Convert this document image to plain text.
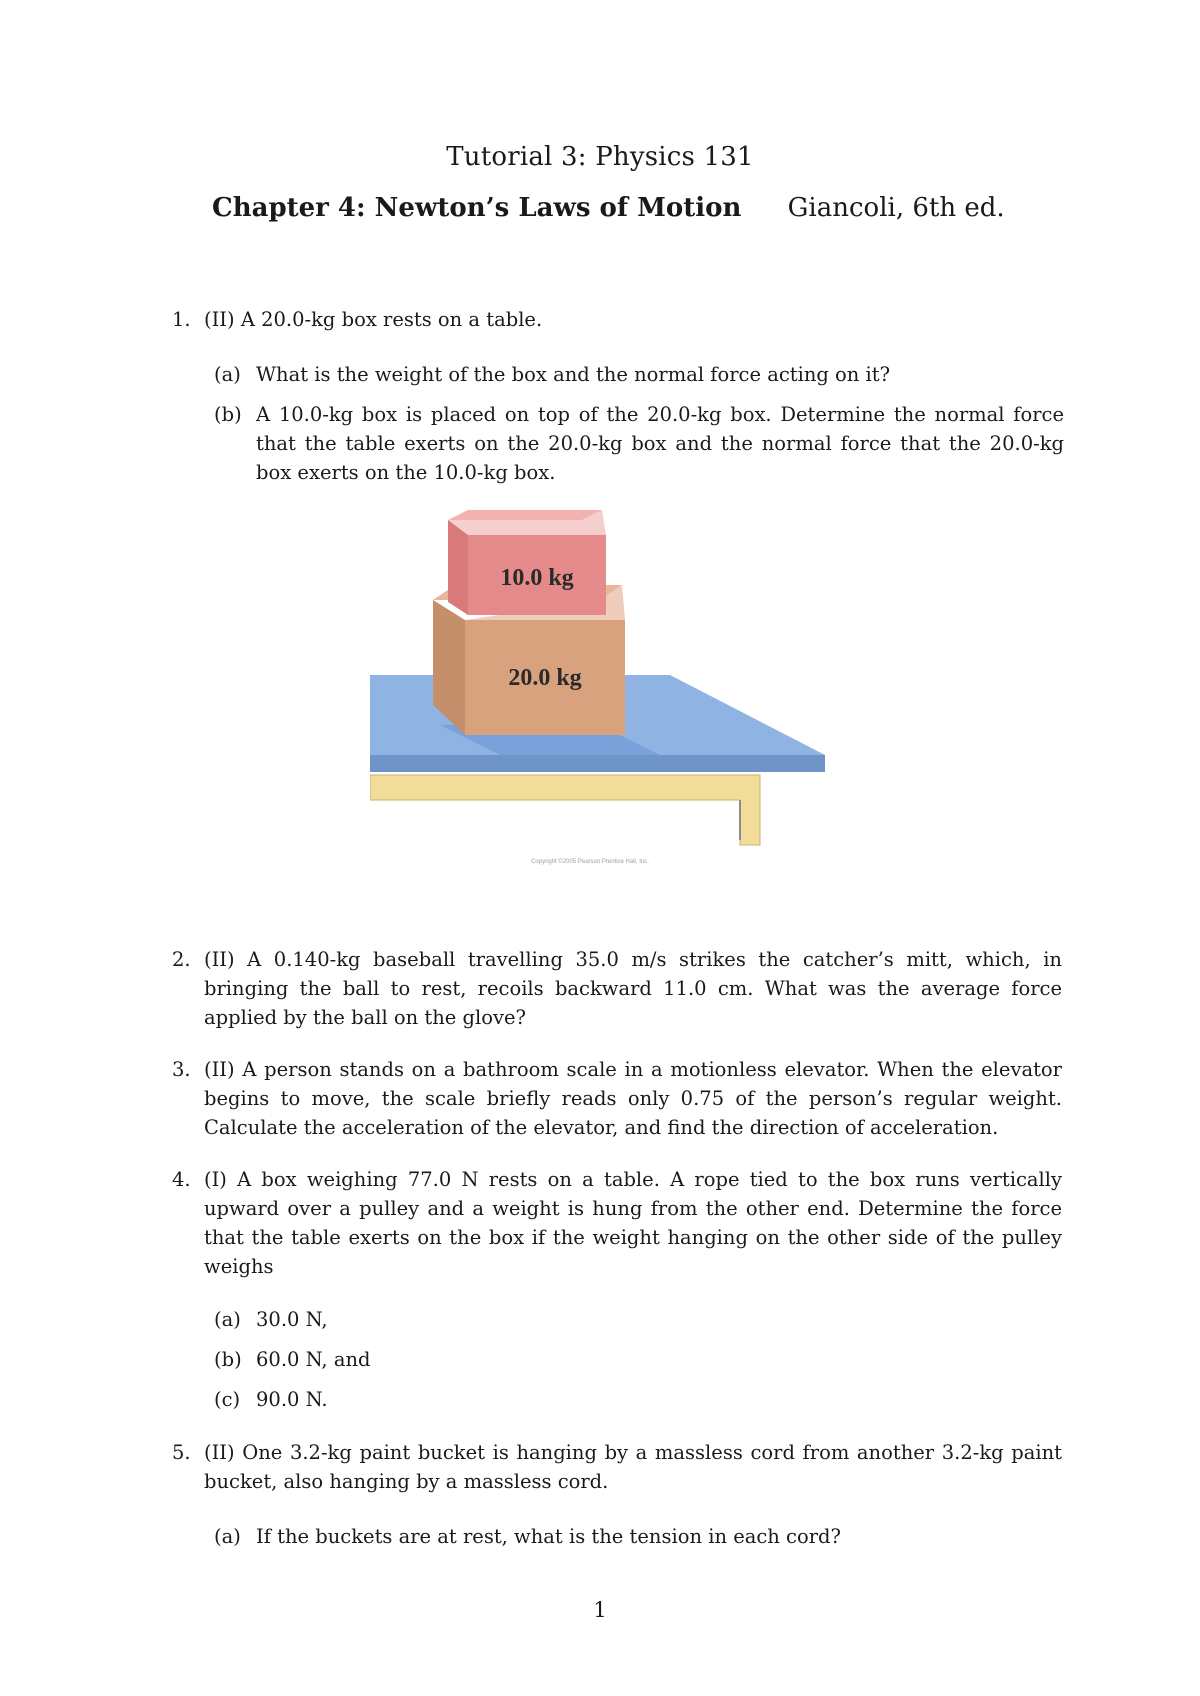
Tutorial 3: Physics 131
Chapter 4: Newton’s Laws of Motion Giancoli, 6th ed.
1. (II) A 20.0-kg box rests on a table.
(a) What is the weight of the box and the normal force acting on it?
(b) A 10.0-kg box is placed on top of the 20.0-kg box. Determine the normal force that the table exerts on the 20.0-kg box and the normal force that the 20.0-kg box exerts on the 10.0-kg box.
10.0 kg
20.0 kg
Copyright ©2005 Pearson Prentice Hall, Inc.
2. (II) A 0.140-kg baseball travelling 35.0 m/s strikes the catcher’s mitt, which, in bringing the ball to rest, recoils backward 11.0 cm. What was the average force applied by the ball on the glove?
3. (II) A person stands on a bathroom scale in a motionless elevator. When the elevator begins to move, the scale briefly reads only 0.75 of the person’s regular weight. Calculate the acceleration of the elevator, and find the direction of acceleration.
4. (I) A box weighing 77.0 N rests on a table. A rope tied to the box runs vertically upward over a pulley and a weight is hung from the other end. Determine the force that the table exerts on the box if the weight hanging on the other side of the pulley weighs
(a) 30.0 N,
(b) 60.0 N, and
(c) 90.0 N.
5. (II) One 3.2-kg paint bucket is hanging by a massless cord from another 3.2-kg paint bucket, also hanging by a massless cord.
(a) If the buckets are at rest, what is the tension in each cord?
1
